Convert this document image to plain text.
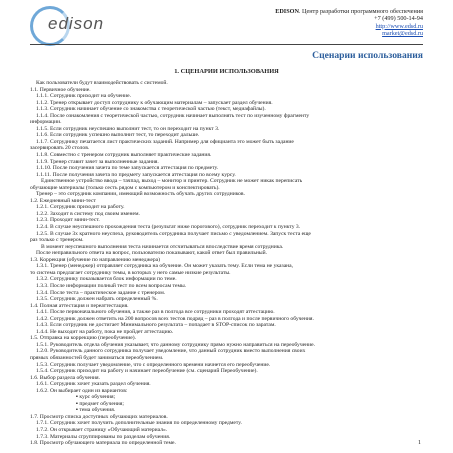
edison
EDISON. Центр разработки программного обеспечения
+7 (499) 500-14-94
http://www.edsd.ru
market@edsd.ru
Сценарии использования
1. СЦЕНАРИИ ИСПОЛЬЗОВАНИЯ
Как пользователи будут взаимодействовать с системой.
1.1. Первичное обучение.
1.1.1. Сотрудник приходит на обучение.
1.1.2. Тренер открывает доступ сотруднику к обучающим материалам – запускает раздел обучения.
1.1.3. Сотрудник начинает обучение со знакомства с теоретической частью (текст, медиафайлы).
1.1.4. После ознакомления с теоретической частью, сотрудник начинает выполнять тест по изученному фрагменту
информации.
1.1.5. Если сотрудник неуспешно выполнит тест, то он переходит на пункт 3.
1.1.6. Если сотрудник успешно выполнит тест, то переходит дальше.
1.1.7. Сотруднику печатается лист практических заданий. Например для официанта это может быть задание
засервировать 20 столов.
1.1.8. Совместно с тренером сотрудник выполняет практические задания.
1.1.9. Тренер ставит зачет за выполненные задания.
1.1.10. После получения зачета по теме запускается аттестация по предмету.
1.1.11. После получения зачета по предмету запускается аттестация по всему курсу.
Единственное устройство ввода – тачпад, выход – монитор и принтер. Сотрудник не может никак переписать
обучающие материалы (только сесть рядом с компьютером и конспектировать).
Тренер – это сотрудник компании, имеющий возможность обучать других сотрудников.
1.2. Ежедневный мини-тест
1.2.1. Сотрудник приходит на работу.
1.2.2. Заходит в систему под своим именем.
1.2.3. Проходит мини-тест.
1.2.4. В случае неуспешного прохождения теста (результат ниже порогового), сотрудник переходит к пункту 3.
1.2.5. В случае 3х кратного неуспеха, руководитель сотрудника получает письмо с уведомлением. Запуск теста еще
раз только с тренером.
В момент неуспешного выполнения теста начинается отсчитываться впоследствие время сотрудника.
После неправильного ответа на вопрос, пользователю показывают, какой ответ был правильный.
1.3. Коррекция (обучение по направлению менеджера)
1.3.1. Тренер (менеджер) отправляет сотрудника на обучение. Он может указать тему. Если тема не указана,
то система предлагает сотруднику темы, в которых у него самые низкие результаты.
1.3.2. Сотруднику показывается блок информации по теме.
1.3.3. После информации полный тест по всем вопросам темы.
1.3.4. После теста – практическое задание с тренером.
1.3.5. Сотрудник должен набрать определенный %.
1.4. Полная аттестация и переаттестация.
1.4.1. После первоначального обучения, а также раз в полгода все сотрудники проходят аттестацию.
1.4.2. Сотрудник должен ответить на 200 вопросов всех тестов подряд – раз в полгода и после первичного обучения.
1.4.3. Если сотрудник не достигает Минимального результата – попадает в STOP-список по заратам.
1.4.4. Не выходит на работу, пока не пройдет аттестацию.
1.5. Отправка на коррекцию (переобучение).
1.5.1. Руководитель отдела обучения указывает, что данному сотруднику прямо нужно направиться на переобучение.
1.2.0. Руководитель данного сотрудника получает уведомление, что данный сотрудник вместо выполнения своих
прямых обязанностей будет заниматься переобучением.
1.5.3. Сотрудник получает уведомление, что с определенного времени начнется его переобучение.
1.5.4. Сотрудник приходит на работу и начинает переобучение (см. сценарий Переобучение).
1.6. Выбор раздела обучения.
1.6.1. Сотрудник хочет указать раздел обучения.
1.6.2. Он выбирает один из вариантов:
▪ курс обучения;
▪ предмет обучения;
▪ тема обучения.
1.7. Просмотр списка доступных обучающих материалов.
1.7.1. Сотрудник хочет получить дополнительные знания по определенному предмету.
1.7.2. Он открывает страницу «Обучающий материал».
1.7.3. Материалы сгруппированы по разделам обучения.
1.8. Просмотр обучающего материала по определенной теме.	1
